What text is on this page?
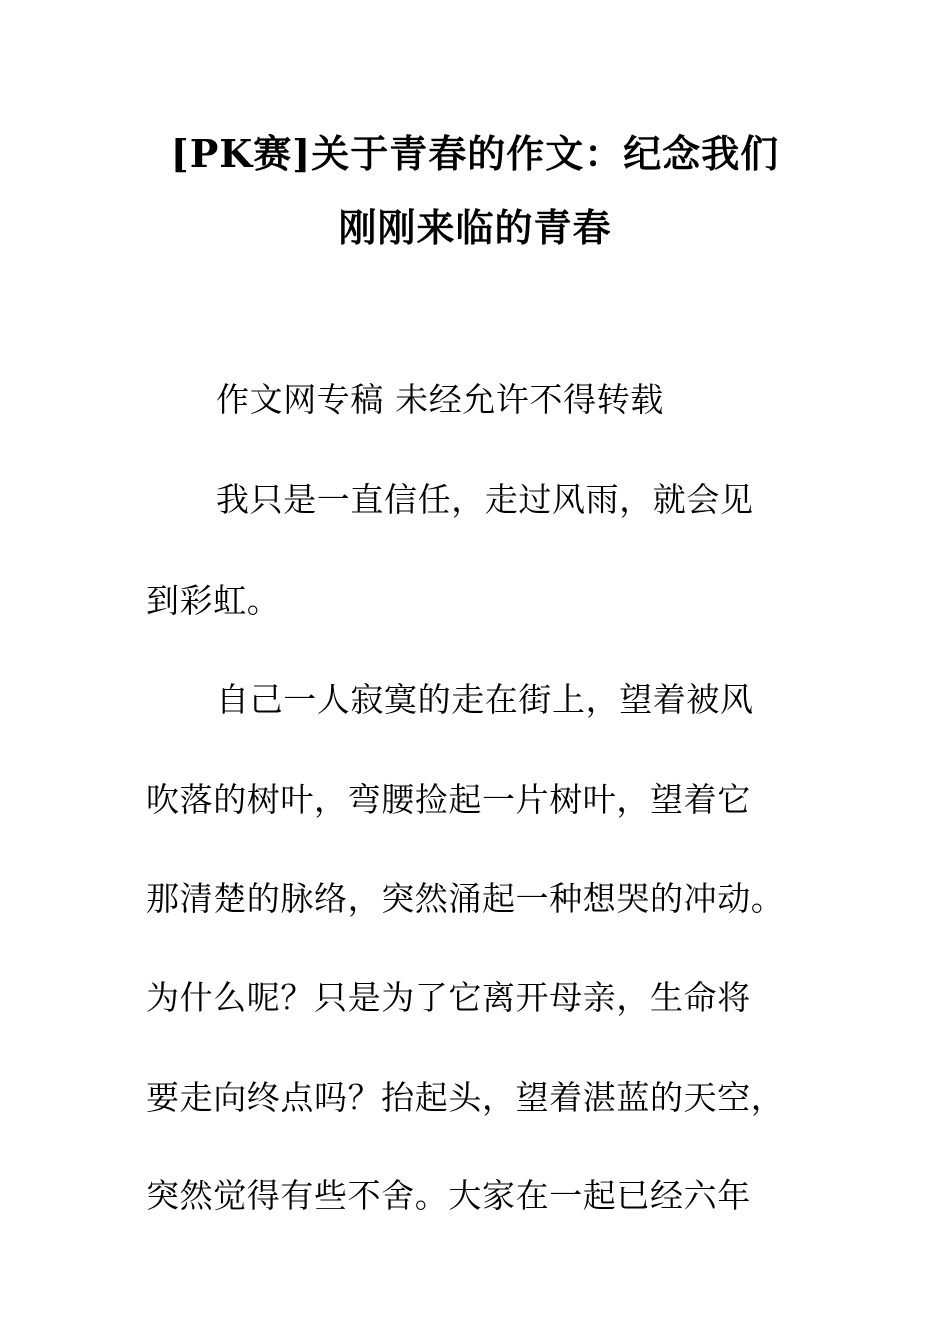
[PK赛]关于青春的作文：纪念我们
刚刚来临的青春
作文网专稿 未经允许不得转载
我只是一直信任，走过风雨，就会见
到彩虹。
自己一人寂寞的走在街上，望着被风
吹落的树叶，弯腰捡起一片树叶，望着它
那清楚的脉络，突然涌起一种想哭的冲动。
为什么呢？只是为了它离开母亲，生命将
要走向终点吗？抬起头，望着湛蓝的天空，
突然觉得有些不舍。大家在一起已经六年
